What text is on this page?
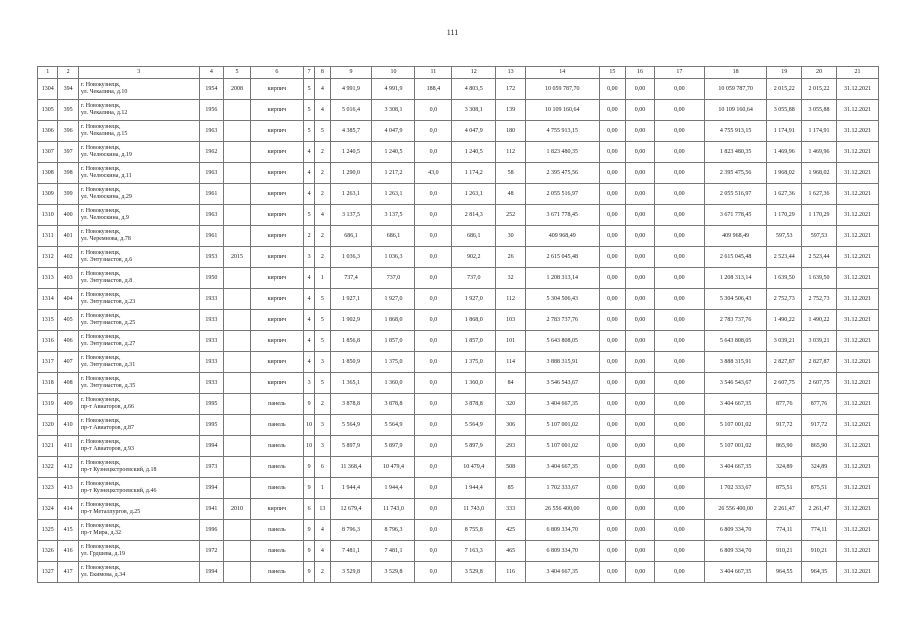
111
1	2	3	4	5	6	7	8	9	10	11	12	13	14	15	16	17	18	19	20	21
1304	394	г. Новокузнецк,
ул. Чекалина, д.10	1954	2008	кирпич	5	4	4 991,9	4 991,9	188,4	4 803,5	172	10 059 787,70	0,00	0,00	0,00	10 059 787,70	2 015,22	2 015,22	31.12.2021
1305	395	г. Новокузнецк,
ул. Чекалина, д.12	1956		кирпич	5	4	5 016,4	3 308,1	0,0	3 308,1	139	10 109 160,64	0,00	0,00	0,00	10 109 160,64	3 055,88	3 055,88	31.12.2021
1306	396	г. Новокузнецк,
ул. Чекалина, д.15	1963		кирпич	5	5	4 385,7	4 047,9	0,0	4 047,9	180	4 755 913,15	0,00	0,00	0,00	4 755 913,15	1 174,91	1 174,91	31.12.2021
1307	397	г. Новокузнецк,
ул. Челюскина, д.19	1962		кирпич	4	2	1 240,5	1 240,5	0,0	1 240,5	112	1 823 480,35	0,00	0,00	0,00	1 823 480,35	1 469,96	1 469,96	31.12.2021
1308	398	г. Новокузнецк,
ул. Челюскина, д.11	1963		кирпич	4	2	1 290,0	1 217,2	43,0	1 174,2	58	2 395 475,56	0,00	0,00	0,00	2 395 475,56	1 968,02	1 968,02	31.12.2021
1309	399	г. Новокузнецк,
ул. Челюскина, д.29	1961		кирпич	4	2	1 263,1	1 263,1	0,0	1 263,1	48	2 055 516,97	0,00	0,00	0,00	2 055 516,97	1 627,36	1 627,36	31.12.2021
1310	400	г. Новокузнецк,
ул. Челюскина, д.9	1963		кирпич	5	4	3 137,5	3 137,5	0,0	2 814,3	252	3 671 778,45	0,00	0,00	0,00	3 671 778,45	1 170,29	1 170,29	31.12.2021
1311	401	г. Новокузнецк,
ул. Черемнова, д.78	1961		кирпич	2	2	686,1	686,1	0,0	686,1	30	409 968,49	0,00	0,00	0,00	409 968,49	597,53	597,53	31.12.2021
1312	402	г. Новокузнецк,
ул. Энтузиастов, д.6	1953	2015	кирпич	3	2	1 036,3	1 036,3	0,0	902,2	26	2 615 045,48	0,00	0,00	0,00	2 615 045,48	2 523,44	2 523,44	31.12.2021
1313	403	г. Новокузнецк,
ул. Энтузиастов, д.8	1950		кирпич	4	1	737,4	737,0	0,0	737,0	32	1 208 313,14	0,00	0,00	0,00	1 208 313,14	1 639,50	1 639,50	31.12.2021
1314	404	г. Новокузнецк,
ул. Энтузиастов, д.23	1933		кирпич	4	5	1 927,1	1 927,0	0,0	1 927,0	112	5 304 506,43	0,00	0,00	0,00	5 304 506,43	2 752,73	2 752,73	31.12.2021
1315	405	г. Новокузнецк,
ул. Энтузиастов, д.25	1933		кирпич	4	5	1 902,9	1 868,0	0,0	1 868,0	103	2 783 737,76	0,00	0,00	0,00	2 783 737,76	1 490,22	1 490,22	31.12.2021
1316	406	г. Новокузнецк,
ул. Энтузиастов, д.27	1933		кирпич	4	5	1 856,8	1 857,0	0,0	1 857,0	101	5 643 808,05	0,00	0,00	0,00	5 643 808,05	3 039,21	3 039,21	31.12.2021
1317	407	г. Новокузнецк,
ул. Энтузиастов, д.31	1933		кирпич	4	3	1 850,9	1 375,0	0,0	1 375,0	114	3 888 315,91	0,00	0,00	0,00	3 888 315,91	2 827,87	2 827,87	31.12.2021
1318	408	г. Новокузнецк,
ул. Энтузиастов, д.35	1933		кирпич	3	5	1 365,1	1 360,0	0,0	1 360,0	84	3 546 543,67	0,00	0,00	0,00	3 546 543,67	2 607,75	2 607,75	31.12.2021
1319	409	г. Новокузнецк,
пр-т Авиаторов, д.66	1995		панель	9	2	3 878,8	3 878,8	0,0	3 878,8	320	3 404 667,35	0,00	0,00	0,00	3 404 667,35	877,76	877,76	31.12.2021
1320	410	г. Новокузнецк,
пр-т Авиаторов, д.87	1995		панель	10	3	5 564,9	5 564,9	0,0	5 564,9	306	5 107 001,02	0,00	0,00	0,00	5 107 001,02	917,72	917,72	31.12.2021
1321	411	г. Новокузнецк,
пр-т Авиаторов, д.93	1994		панель	10	3	5 897,9	5 897,9	0,0	5 897,9	293	5 107 001,02	0,00	0,00	0,00	5 107 001,02	865,90	865,90	31.12.2021
1322	412	г. Новокузнецк,
пр-т Кузнецкстроевский, д.18	1973		панель	9	6	11 368,4	10 479,4	0,0	10 479,4	508	3 404 667,35	0,00	0,00	0,00	3 404 667,35	324,89	324,89	31.12.2021
1323	413	г. Новокузнецк,
пр-т Кузнецкстроевский, д.46	1994		панель	9	1	1 944,4	1 944,4	0,0	1 944,4	85	1 702 333,67	0,00	0,00	0,00	1 702 333,67	875,51	875,51	31.12.2021
1324	414	г. Новокузнецк,
пр-т Металлургов, д.25	1941	2010	кирпич	6	13	12 679,4	11 743,0	0,0	11 743,0	333	26 556 400,00	0,00	0,00	0,00	26 556 400,00	2 261,47	2 261,47	31.12.2021
1325	415	г. Новокузнецк,
пр-т Мира, д.32	1996		панель	9	4	8 796,3	8 796,3	0,0	8 755,8	425	6 809 334,70	0,00	0,00	0,00	6 809 334,70	774,11	774,11	31.12.2021
1326	416	г. Новокузнецк,
ул. Грдшева, д.19	1972		панель	9	4	7 481,1	7 481,1	0,0	7 163,3	465	6 809 334,70	0,00	0,00	0,00	6 809 334,70	910,21	910,21	31.12.2021
1327	417	г. Новокузнецк,
ул. Екимова, д.34	1994		панель	9	2	3 529,8	3 529,8	0,0	3 529,8	116	3 404 667,35	0,00	0,00	0,00	3 404 667,35	964,55	964,35	31.12.2021
